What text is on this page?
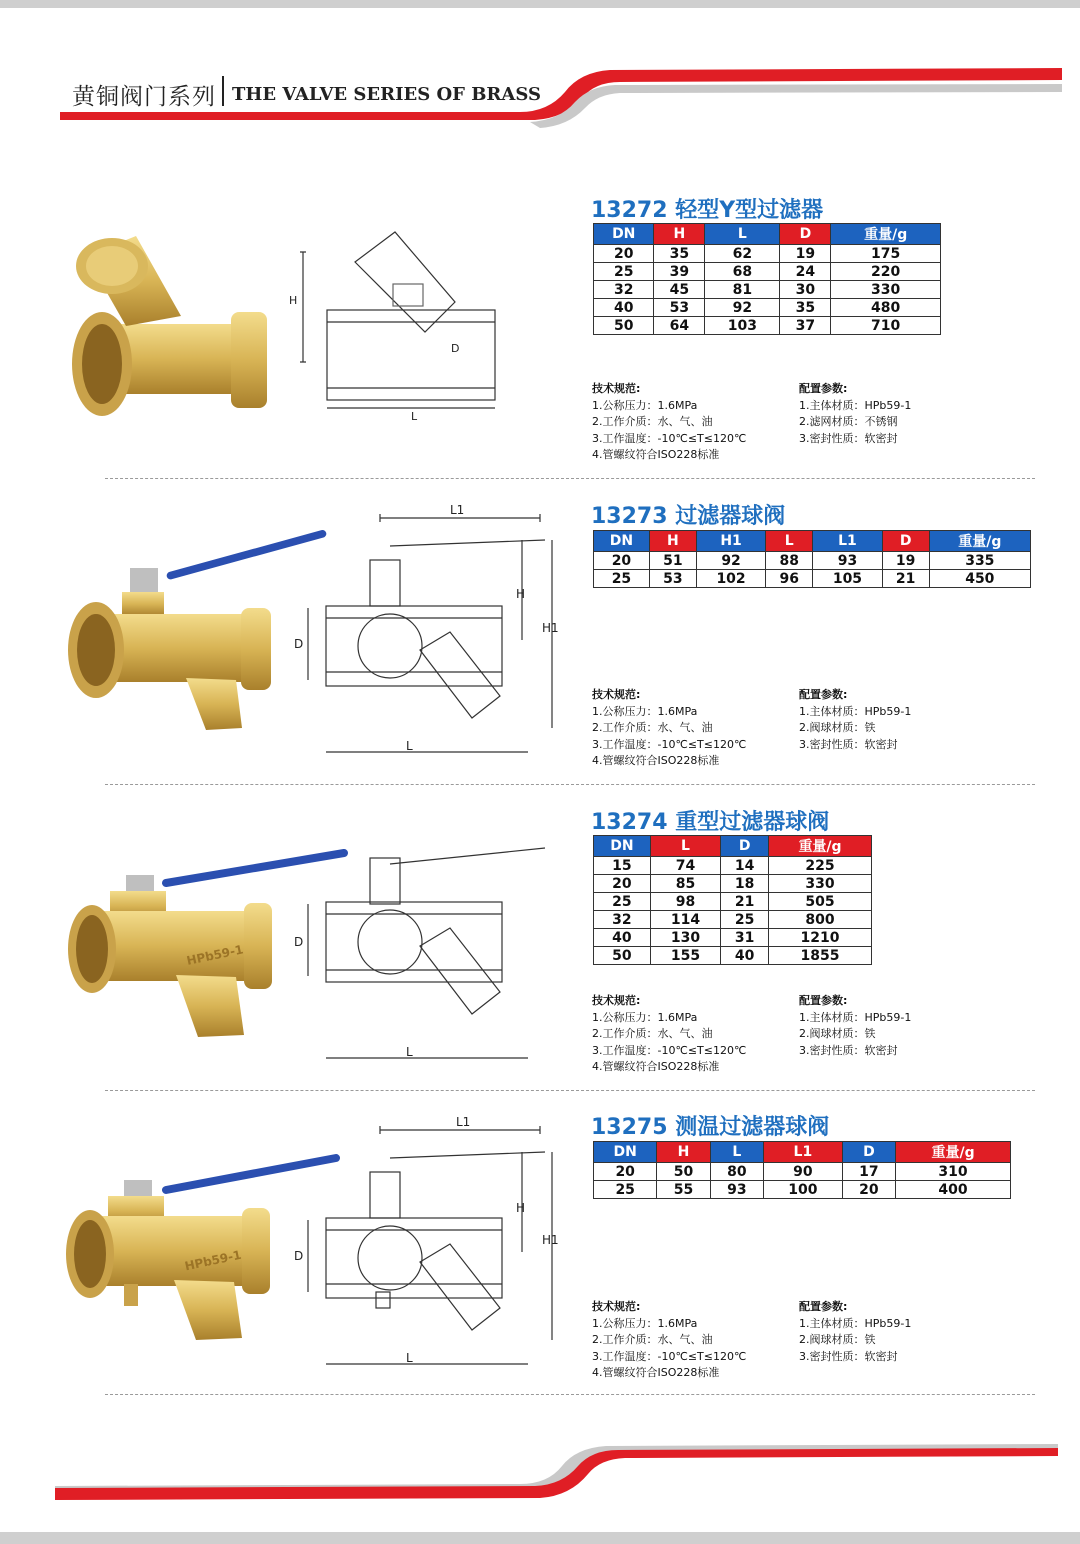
黄铜阀门系列 THE VALVE SERIES OF BRASS
13272 轻型Y型过滤器
DN	H	L	D	重量/g
20	35	62	19	175
25	39	68	24	220
32	45	81	30	330
40	53	92	35	480
50	64	103	37	710
技术规范:
1.公称压力：1.6MPa
2.工作介质：水、气、油
3.工作温度：-10℃≤T≤120℃
4.管螺纹符合ISO228标准
配置参数:
1.主体材质：HPb59-1
2.滤网材质：不锈钢
3.密封性质：软密封
H
D
L
13273 过滤器球阀
DN	H	H1	L	L1	D	重量/g
20	51	92	88	93	19	335
25	53	102	96	105	21	450
技术规范:
1.公称压力：1.6MPa
2.工作介质：水、气、油
3.工作温度：-10℃≤T≤120℃
4.管螺纹符合ISO228标准
配置参数:
1.主体材质：HPb59-1
2.阀球材质：铁
3.密封性质：软密封
L1
H
H1
D
L
13274 重型过滤器球阀
DN	L	D	重量/g
15	74	14	225
20	85	18	330
25	98	21	505
32	114	25	800
40	130	31	1210
50	155	40	1855
技术规范:
1.公称压力：1.6MPa
2.工作介质：水、气、油
3.工作温度：-10℃≤T≤120℃
4.管螺纹符合ISO228标准
配置参数:
1.主体材质：HPb59-1
2.阀球材质：铁
3.密封性质：软密封
HPb59-1
D
L
13275 测温过滤器球阀
DN	H	L	L1	D	重量/g
20	50	80	90	17	310
25	55	93	100	20	400
技术规范:
1.公称压力：1.6MPa
2.工作介质：水、气、油
3.工作温度：-10℃≤T≤120℃
4.管螺纹符合ISO228标准
配置参数:
1.主体材质：HPb59-1
2.阀球材质：铁
3.密封性质：软密封
HPb59-1
L1
H
H1
D
L
